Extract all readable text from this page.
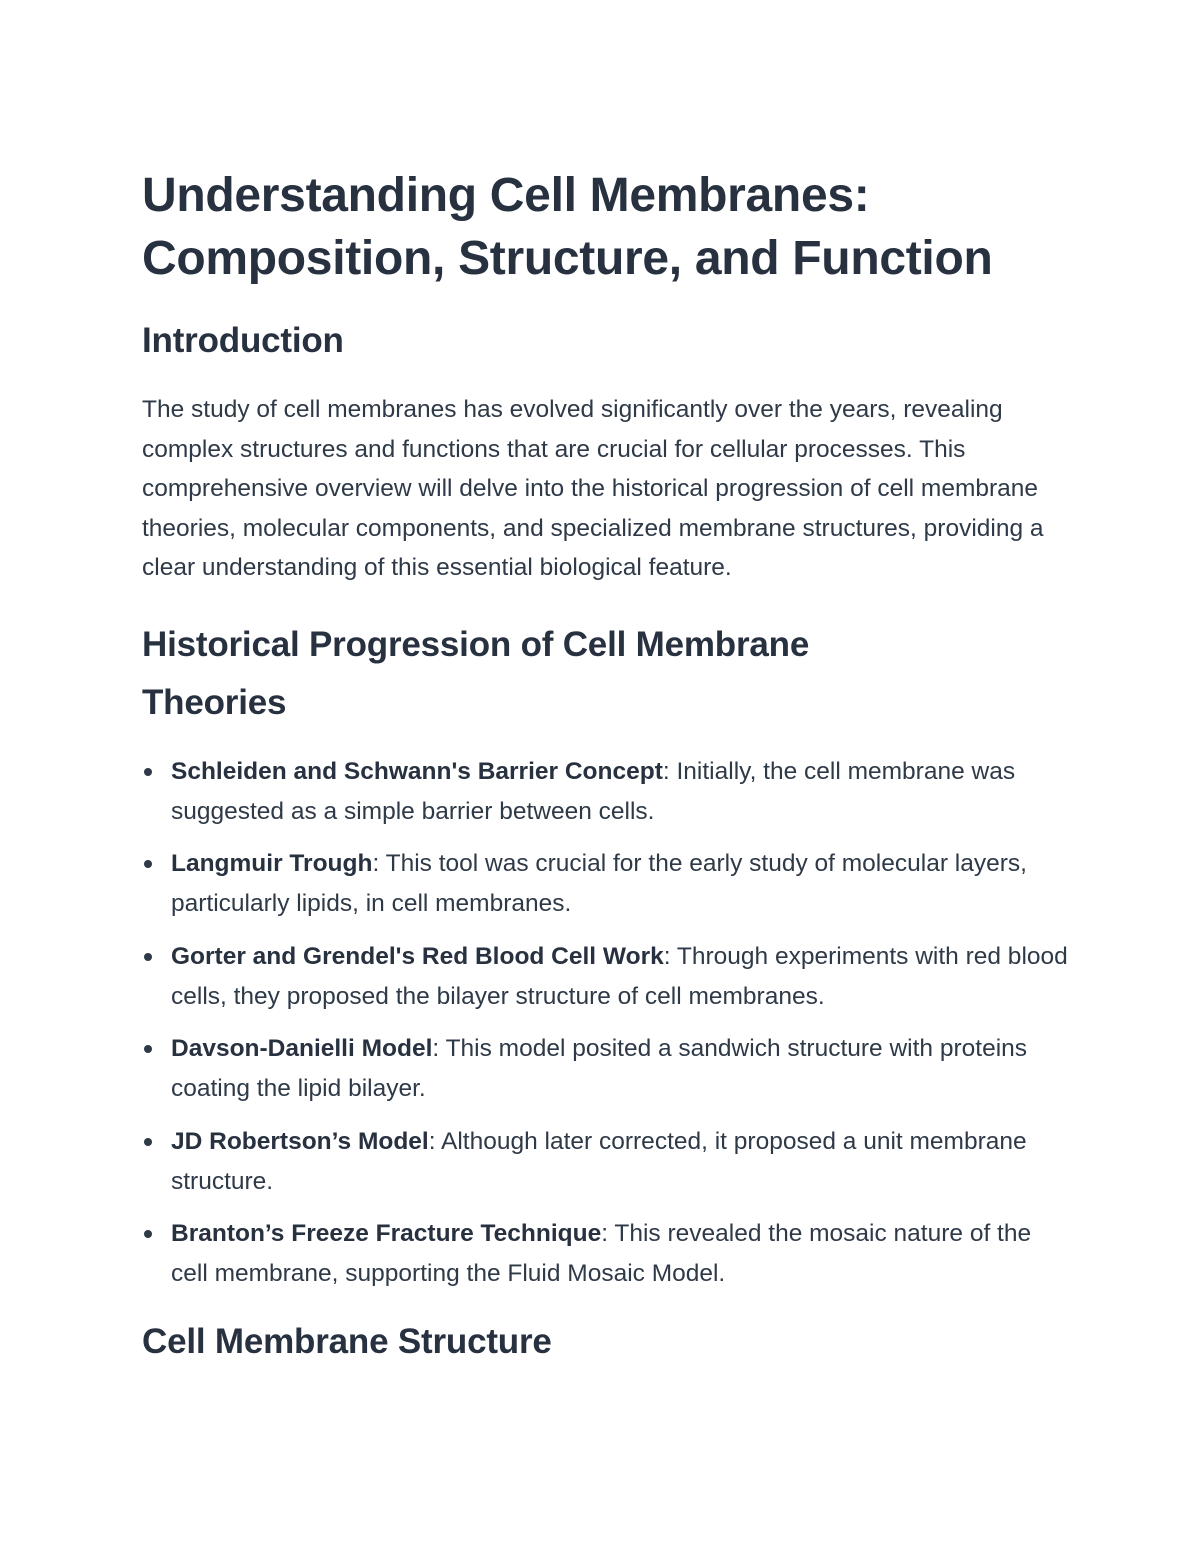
Understanding Cell Membranes: Composition, Structure, and Function
Introduction

The study of cell membranes has evolved significantly over the years, revealing complex structures and functions that are crucial for cellular processes. This comprehensive overview will delve into the historical progression of cell membrane theories, molecular components, and specialized membrane structures, providing a clear understanding of this essential biological feature.

Historical Progression of Cell Membrane Theories
Schleiden and Schwann's Barrier Concept: Initially, the cell membrane was suggested as a simple barrier between cells.
Langmuir Trough: This tool was crucial for the early study of molecular layers, particularly lipids, in cell membranes.
Gorter and Grendel's Red Blood Cell Work: Through experiments with red blood cells, they proposed the bilayer structure of cell membranes.
Davson-Danielli Model: This model posited a sandwich structure with proteins coating the lipid bilayer.
JD Robertson’s Model: Although later corrected, it proposed a unit membrane structure.
Branton’s Freeze Fracture Technique: This revealed the mosaic nature of the cell membrane, supporting the Fluid Mosaic Model.
Cell Membrane Structure
